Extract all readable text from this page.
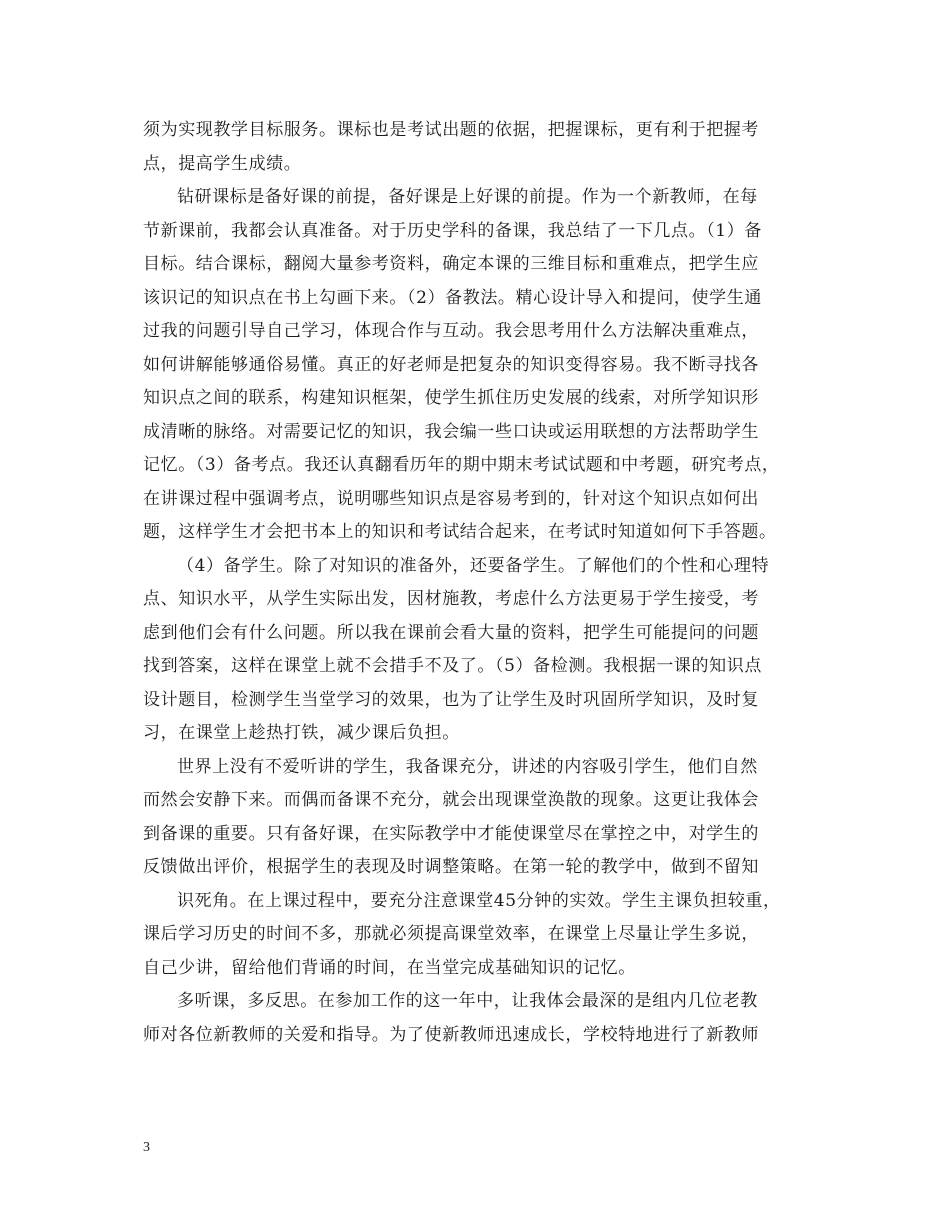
须为实现教学目标服务。课标也是考试出题的依据，把握课标，更有利于把握考
点，提高学生成绩。
钻研课标是备好课的前提，备好课是上好课的前提。作为一个新教师，在每
节新课前，我都会认真准备。对于历史学科的备课，我总结了一下几点。（1）备
目标。结合课标，翻阅大量参考资料，确定本课的三维目标和重难点，把学生应
该识记的知识点在书上勾画下来。（2）备教法。精心设计导入和提问，使学生通
过我的问题引导自己学习，体现合作与互动。我会思考用什么方法解决重难点，
如何讲解能够通俗易懂。真正的好老师是把复杂的知识变得容易。我不断寻找各
知识点之间的联系，构建知识框架，使学生抓住历史发展的线索，对所学知识形
成清晰的脉络。对需要记忆的知识，我会编一些口诀或运用联想的方法帮助学生
记忆。（3）备考点。我还认真翻看历年的期中期末考试试题和中考题，研究考点，
在讲课过程中强调考点，说明哪些知识点是容易考到的，针对这个知识点如何出
题，这样学生才会把书本上的知识和考试结合起来，在考试时知道如何下手答题。
（4）备学生。除了对知识的准备外，还要备学生。了解他们的个性和心理特
点、知识水平，从学生实际出发，因材施教，考虑什么方法更易于学生接受，考
虑到他们会有什么问题。所以我在课前会看大量的资料，把学生可能提问的问题
找到答案，这样在课堂上就不会措手不及了。（5）备检测。我根据一课的知识点
设计题目，检测学生当堂学习的效果，也为了让学生及时巩固所学知识，及时复
习，在课堂上趁热打铁，减少课后负担。
世界上没有不爱听讲的学生，我备课充分，讲述的内容吸引学生，他们自然
而然会安静下来。而偶而备课不充分，就会出现课堂涣散的现象。这更让我体会
到备课的重要。只有备好课，在实际教学中才能使课堂尽在掌控之中，对学生的
反馈做出评价，根据学生的表现及时调整策略。在第一轮的教学中，做到不留知
识死角。在上课过程中，要充分注意课堂45分钟的实效。学生主课负担较重，
课后学习历史的时间不多，那就必须提高课堂效率，在课堂上尽量让学生多说，
自己少讲，留给他们背诵的时间，在当堂完成基础知识的记忆。
多听课，多反思。在参加工作的这一年中，让我体会最深的是组内几位老教
师对各位新教师的关爱和指导。为了使新教师迅速成长，学校特地进行了新教师
3
